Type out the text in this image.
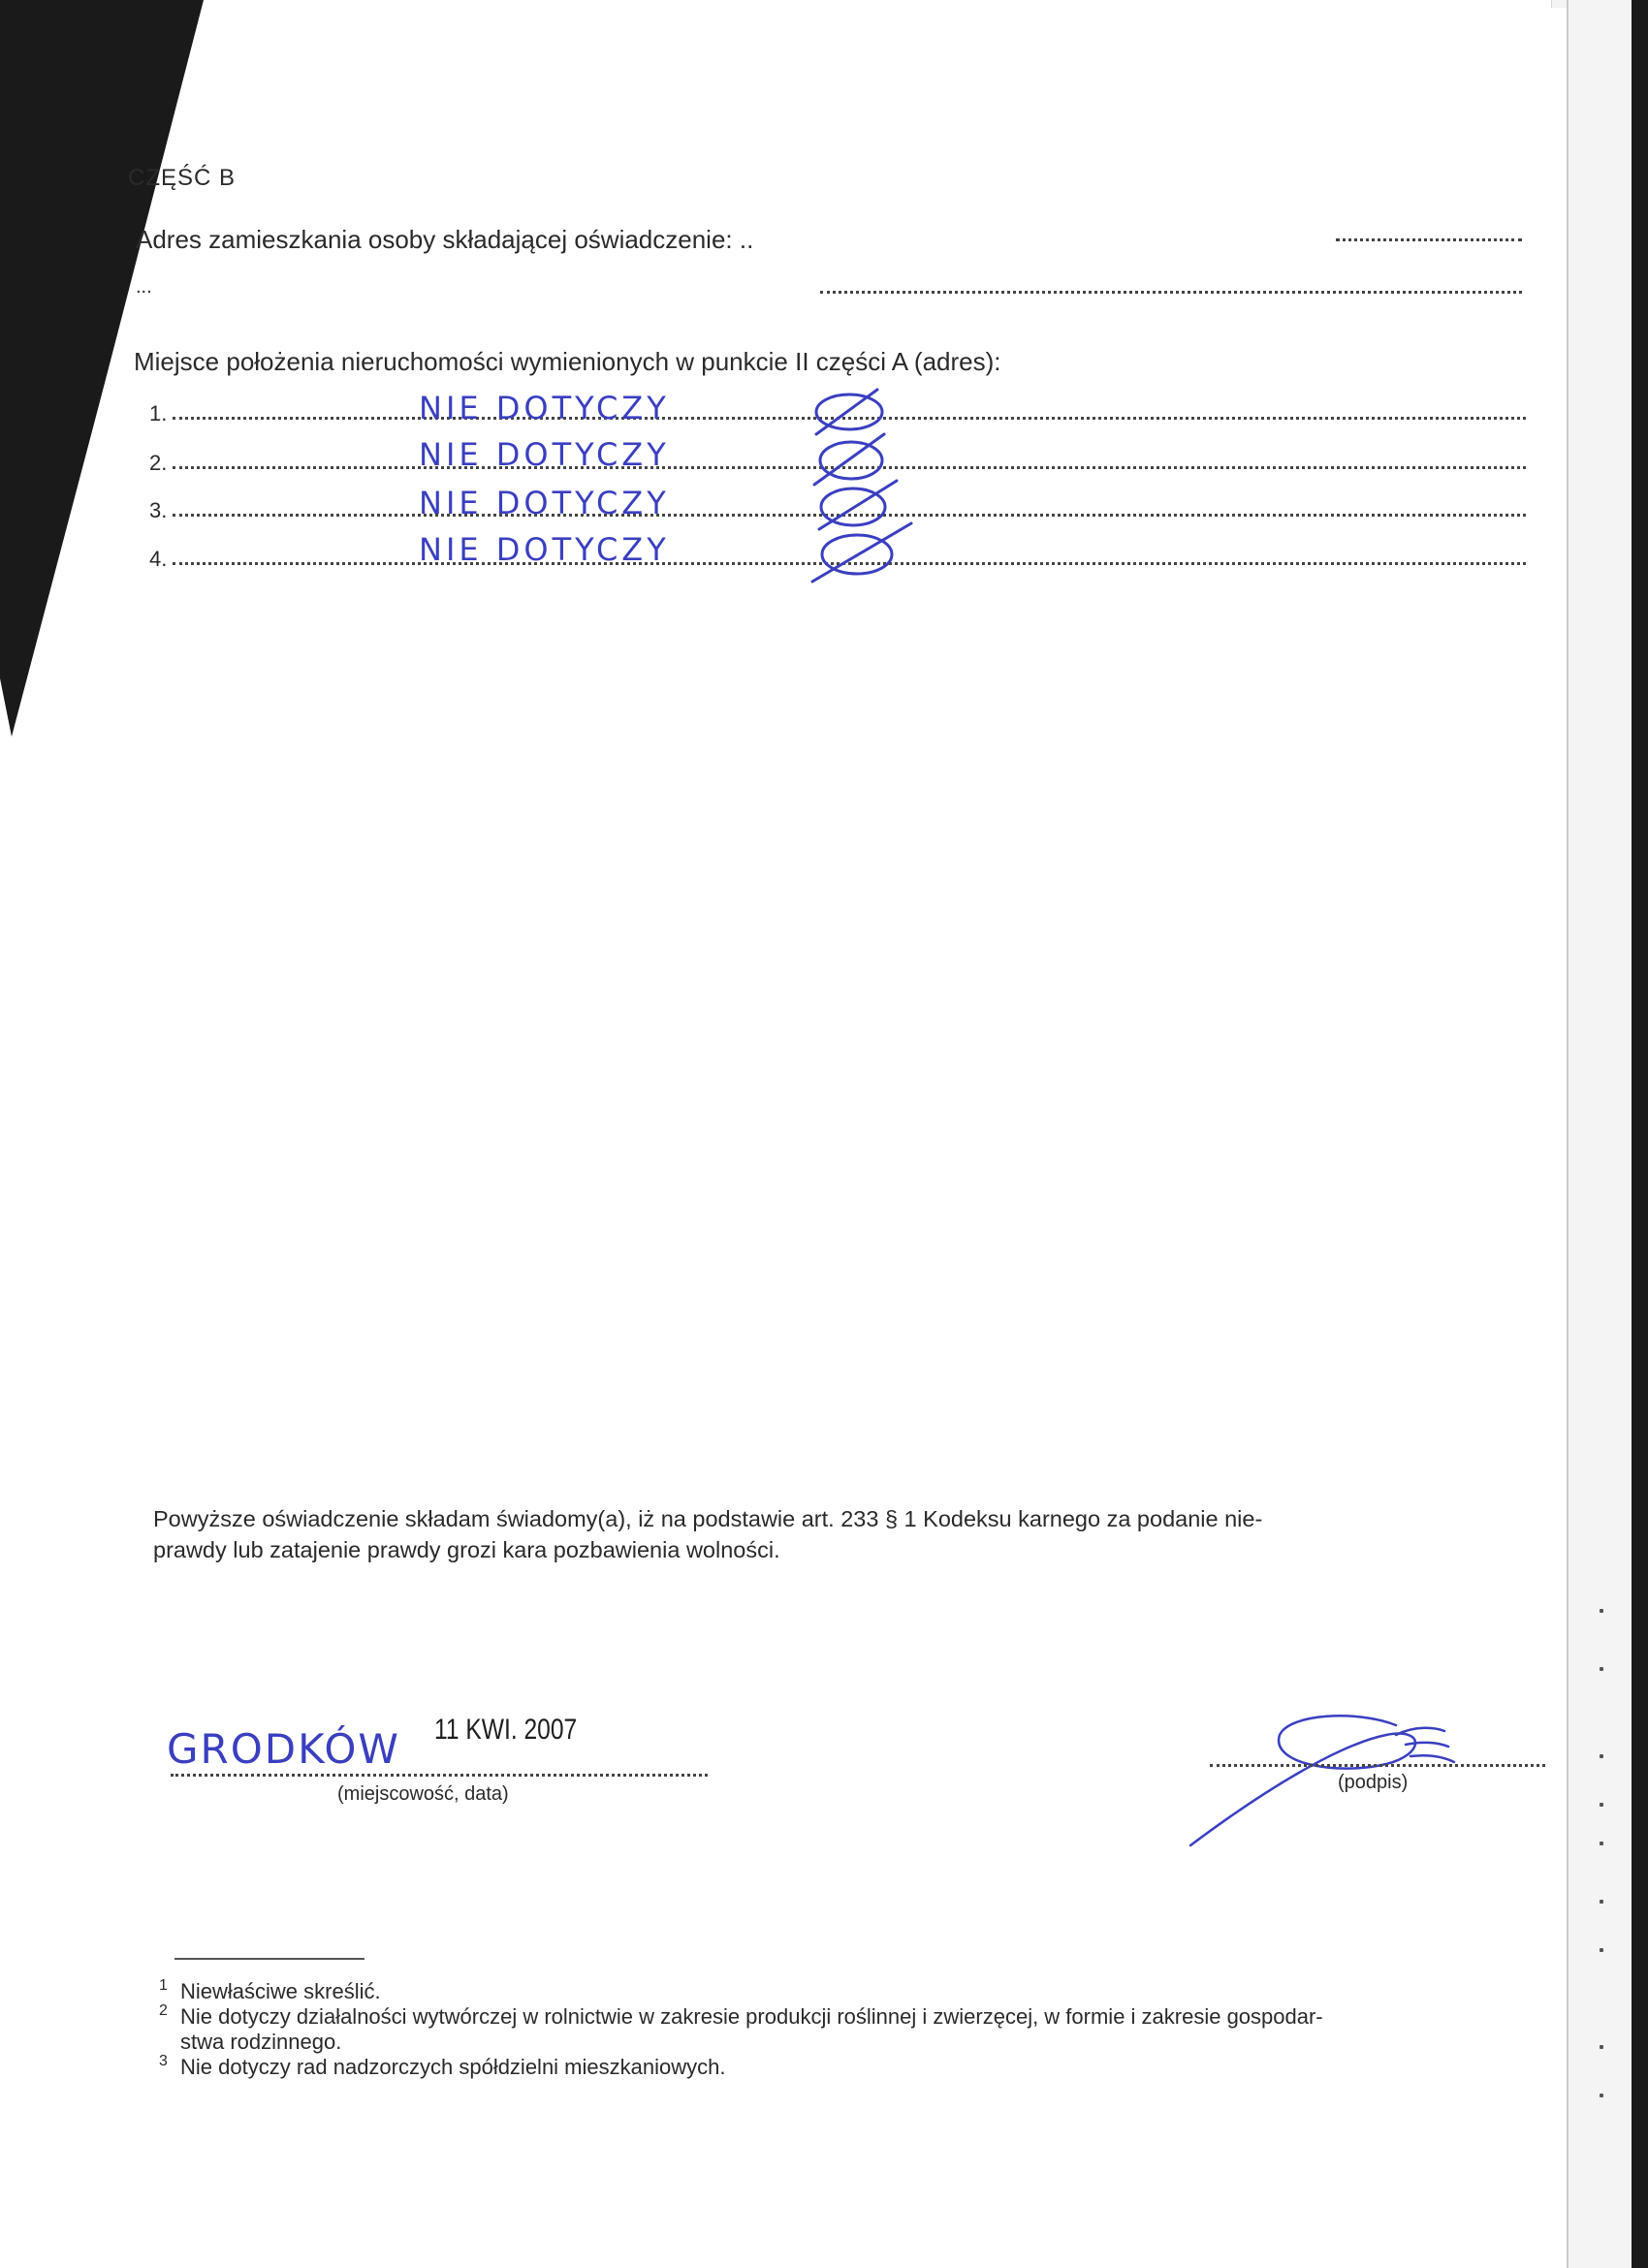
CZĘŚĆ B
Adres zamieszkania osoby składającej oświadczenie: ..
...
Miejsce położenia nieruchomości wymienionych w punkcie II części A (adres):
1.	NIE DOTYCZY
2.	NIE DOTYCZY
3.	NIE DOTYCZY
4.	NIE DOTYCZY
Powyższe oświadczenie składam świadomy(a), iż na podstawie art. 233 § 1 Kodeksu karnego za podanie nie-
prawdy lub zatajenie prawdy grozi kara pozbawienia wolności.
GRODKÓW 11 KWI. 2007
(miejscowość, data)
(podpis)
1 Niewłaściwe skreślić.
2 Nie dotyczy działalności wytwórczej w rolnictwie w zakresie produkcji roślinnej i zwierzęcej, w formie i zakresie gospodar-
stwa rodzinnego.
3 Nie dotyczy rad nadzorczych spółdzielni mieszkaniowych.
